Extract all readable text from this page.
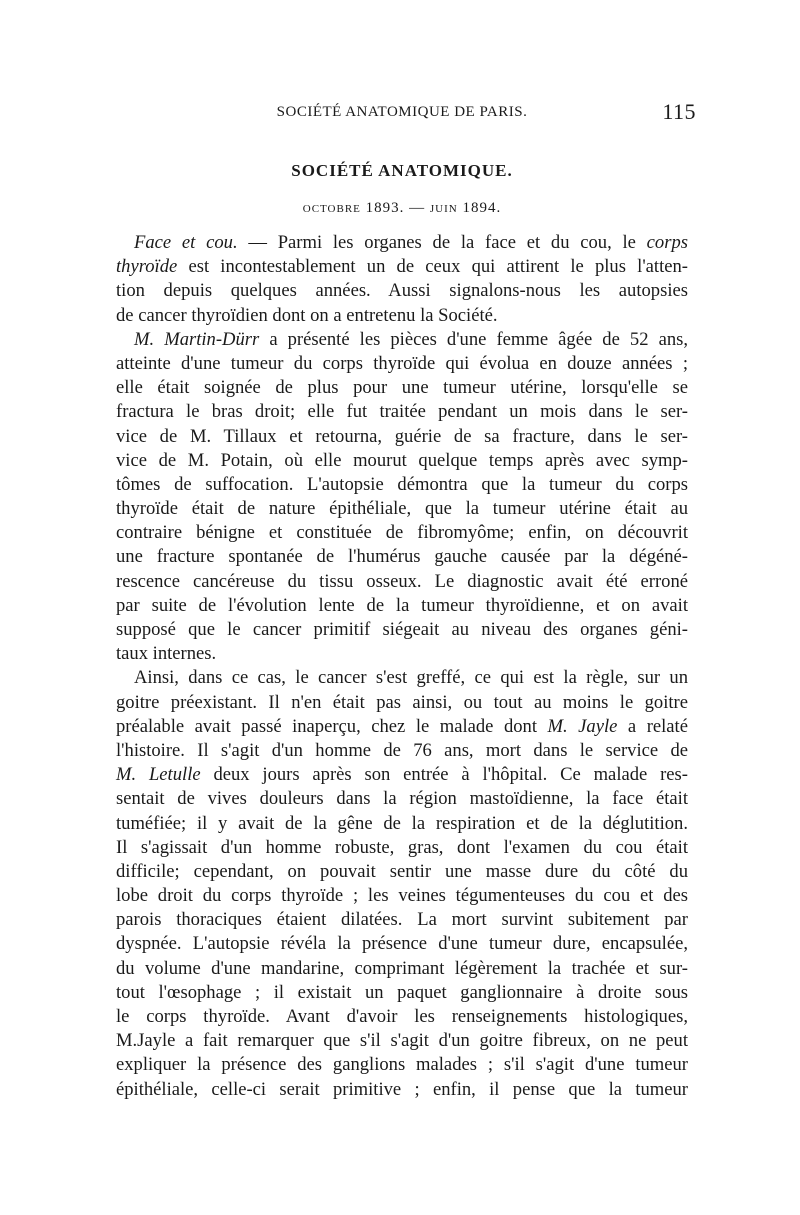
SOCIÉTÉ ANATOMIQUE DE PARIS.	115
SOCIÉTÉ ANATOMIQUE.
octobre 1893. — juin 1894.
Face et cou. — Parmi les organes de la face et du cou, le corps
thyroïde est incontestablement un de ceux qui attirent le plus l'atten-
tion depuis quelques années. Aussi signalons-nous les autopsies
de cancer thyroïdien dont on a entretenu la Société.
M. Martin-Dürr a présenté les pièces d'une femme âgée de 52 ans,
atteinte d'une tumeur du corps thyroïde qui évolua en douze années ;
elle était soignée de plus pour une tumeur utérine, lorsqu'elle se
fractura le bras droit; elle fut traitée pendant un mois dans le ser-
vice de M. Tillaux et retourna, guérie de sa fracture, dans le ser-
vice de M. Potain, où elle mourut quelque temps après avec symp-
tômes de suffocation. L'autopsie démontra que la tumeur du corps
thyroïde était de nature épithéliale, que la tumeur utérine était au
contraire bénigne et constituée de fibromyôme; enfin, on découvrit
une fracture spontanée de l'humérus gauche causée par la dégéné-
rescence cancéreuse du tissu osseux. Le diagnostic avait été erroné
par suite de l'évolution lente de la tumeur thyroïdienne, et on avait
supposé que le cancer primitif siégeait au niveau des organes géni-
taux internes.
Ainsi, dans ce cas, le cancer s'est greffé, ce qui est la règle, sur un
goitre préexistant. Il n'en était pas ainsi, ou tout au moins le goitre
préalable avait passé inaperçu, chez le malade dont M. Jayle a relaté
l'histoire. Il s'agit d'un homme de 76 ans, mort dans le service de
M. Letulle deux jours après son entrée à l'hôpital. Ce malade res-
sentait de vives douleurs dans la région mastoïdienne, la face était
tuméfiée; il y avait de la gêne de la respiration et de la déglutition.
Il s'agissait d'un homme robuste, gras, dont l'examen du cou était
difficile; cependant, on pouvait sentir une masse dure du côté du
lobe droit du corps thyroïde ; les veines tégumenteuses du cou et des
parois thoraciques étaient dilatées. La mort survint subitement par
dyspnée. L'autopsie révéla la présence d'une tumeur dure, encapsulée,
du volume d'une mandarine, comprimant légèrement la trachée et sur-
tout l'œsophage ; il existait un paquet ganglionnaire à droite sous
le corps thyroïde. Avant d'avoir les renseignements histologiques,
M.Jayle a fait remarquer que s'il s'agit d'un goitre fibreux, on ne peut
expliquer la présence des ganglions malades ; s'il s'agit d'une tumeur
épithéliale, celle-ci serait primitive ; enfin, il pense que la tumeur
